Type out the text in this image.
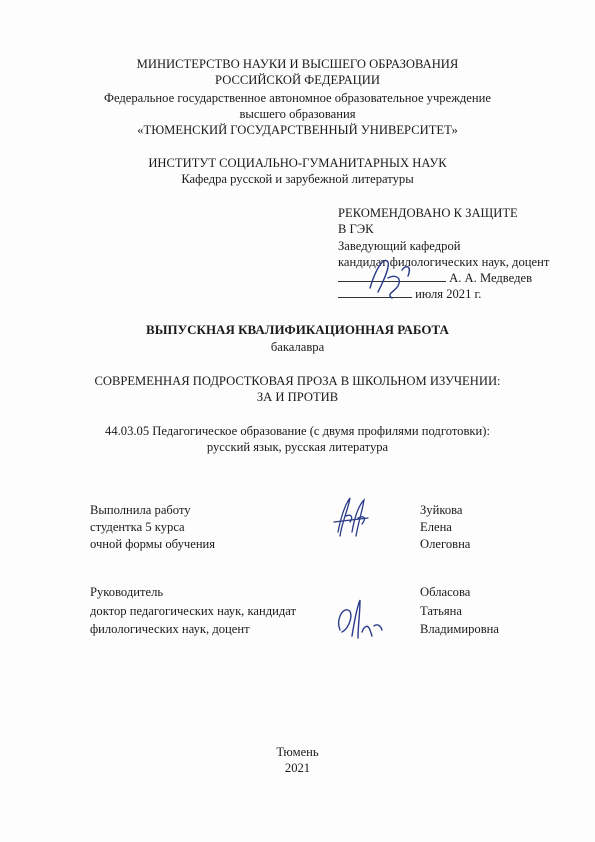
МИНИСТЕРСТВО НАУКИ И ВЫСШЕГО ОБРАЗОВАНИЯ
РОССИЙСКОЙ ФЕДЕРАЦИИ
Федеральное государственное автономное образовательное учреждение
высшего образования
«ТЮМЕНСКИЙ ГОСУДАРСТВЕННЫЙ УНИВЕРСИТЕТ»
ИНСТИТУТ СОЦИАЛЬНО-ГУМАНИТАРНЫХ НАУК
Кафедра русской и зарубежной литературы
РЕКОМЕНДОВАНО К ЗАЩИТЕ
В ГЭК
Заведующий кафедрой
кандидат филологических наук, доцент
А. А. Медведев
июля 2021 г.
ВЫПУСКНАЯ КВАЛИФИКАЦИОННАЯ РАБОТА
бакалавра
СОВРЕМЕННАЯ ПОДРОСТКОВАЯ ПРОЗА В ШКОЛЬНОМ ИЗУЧЕНИИ:
ЗА И ПРОТИВ
44.03.05 Педагогическое образование (с двумя профилями подготовки):
русский язык, русская литература
Выполнила работу
студентка 5 курса
очной формы обучения
Зуйкова
Елена
Олеговна
Руководитель
доктор педагогических наук, кандидат
филологических наук, доцент
Обласова
Татьяна
Владимировна
Тюмень
2021
